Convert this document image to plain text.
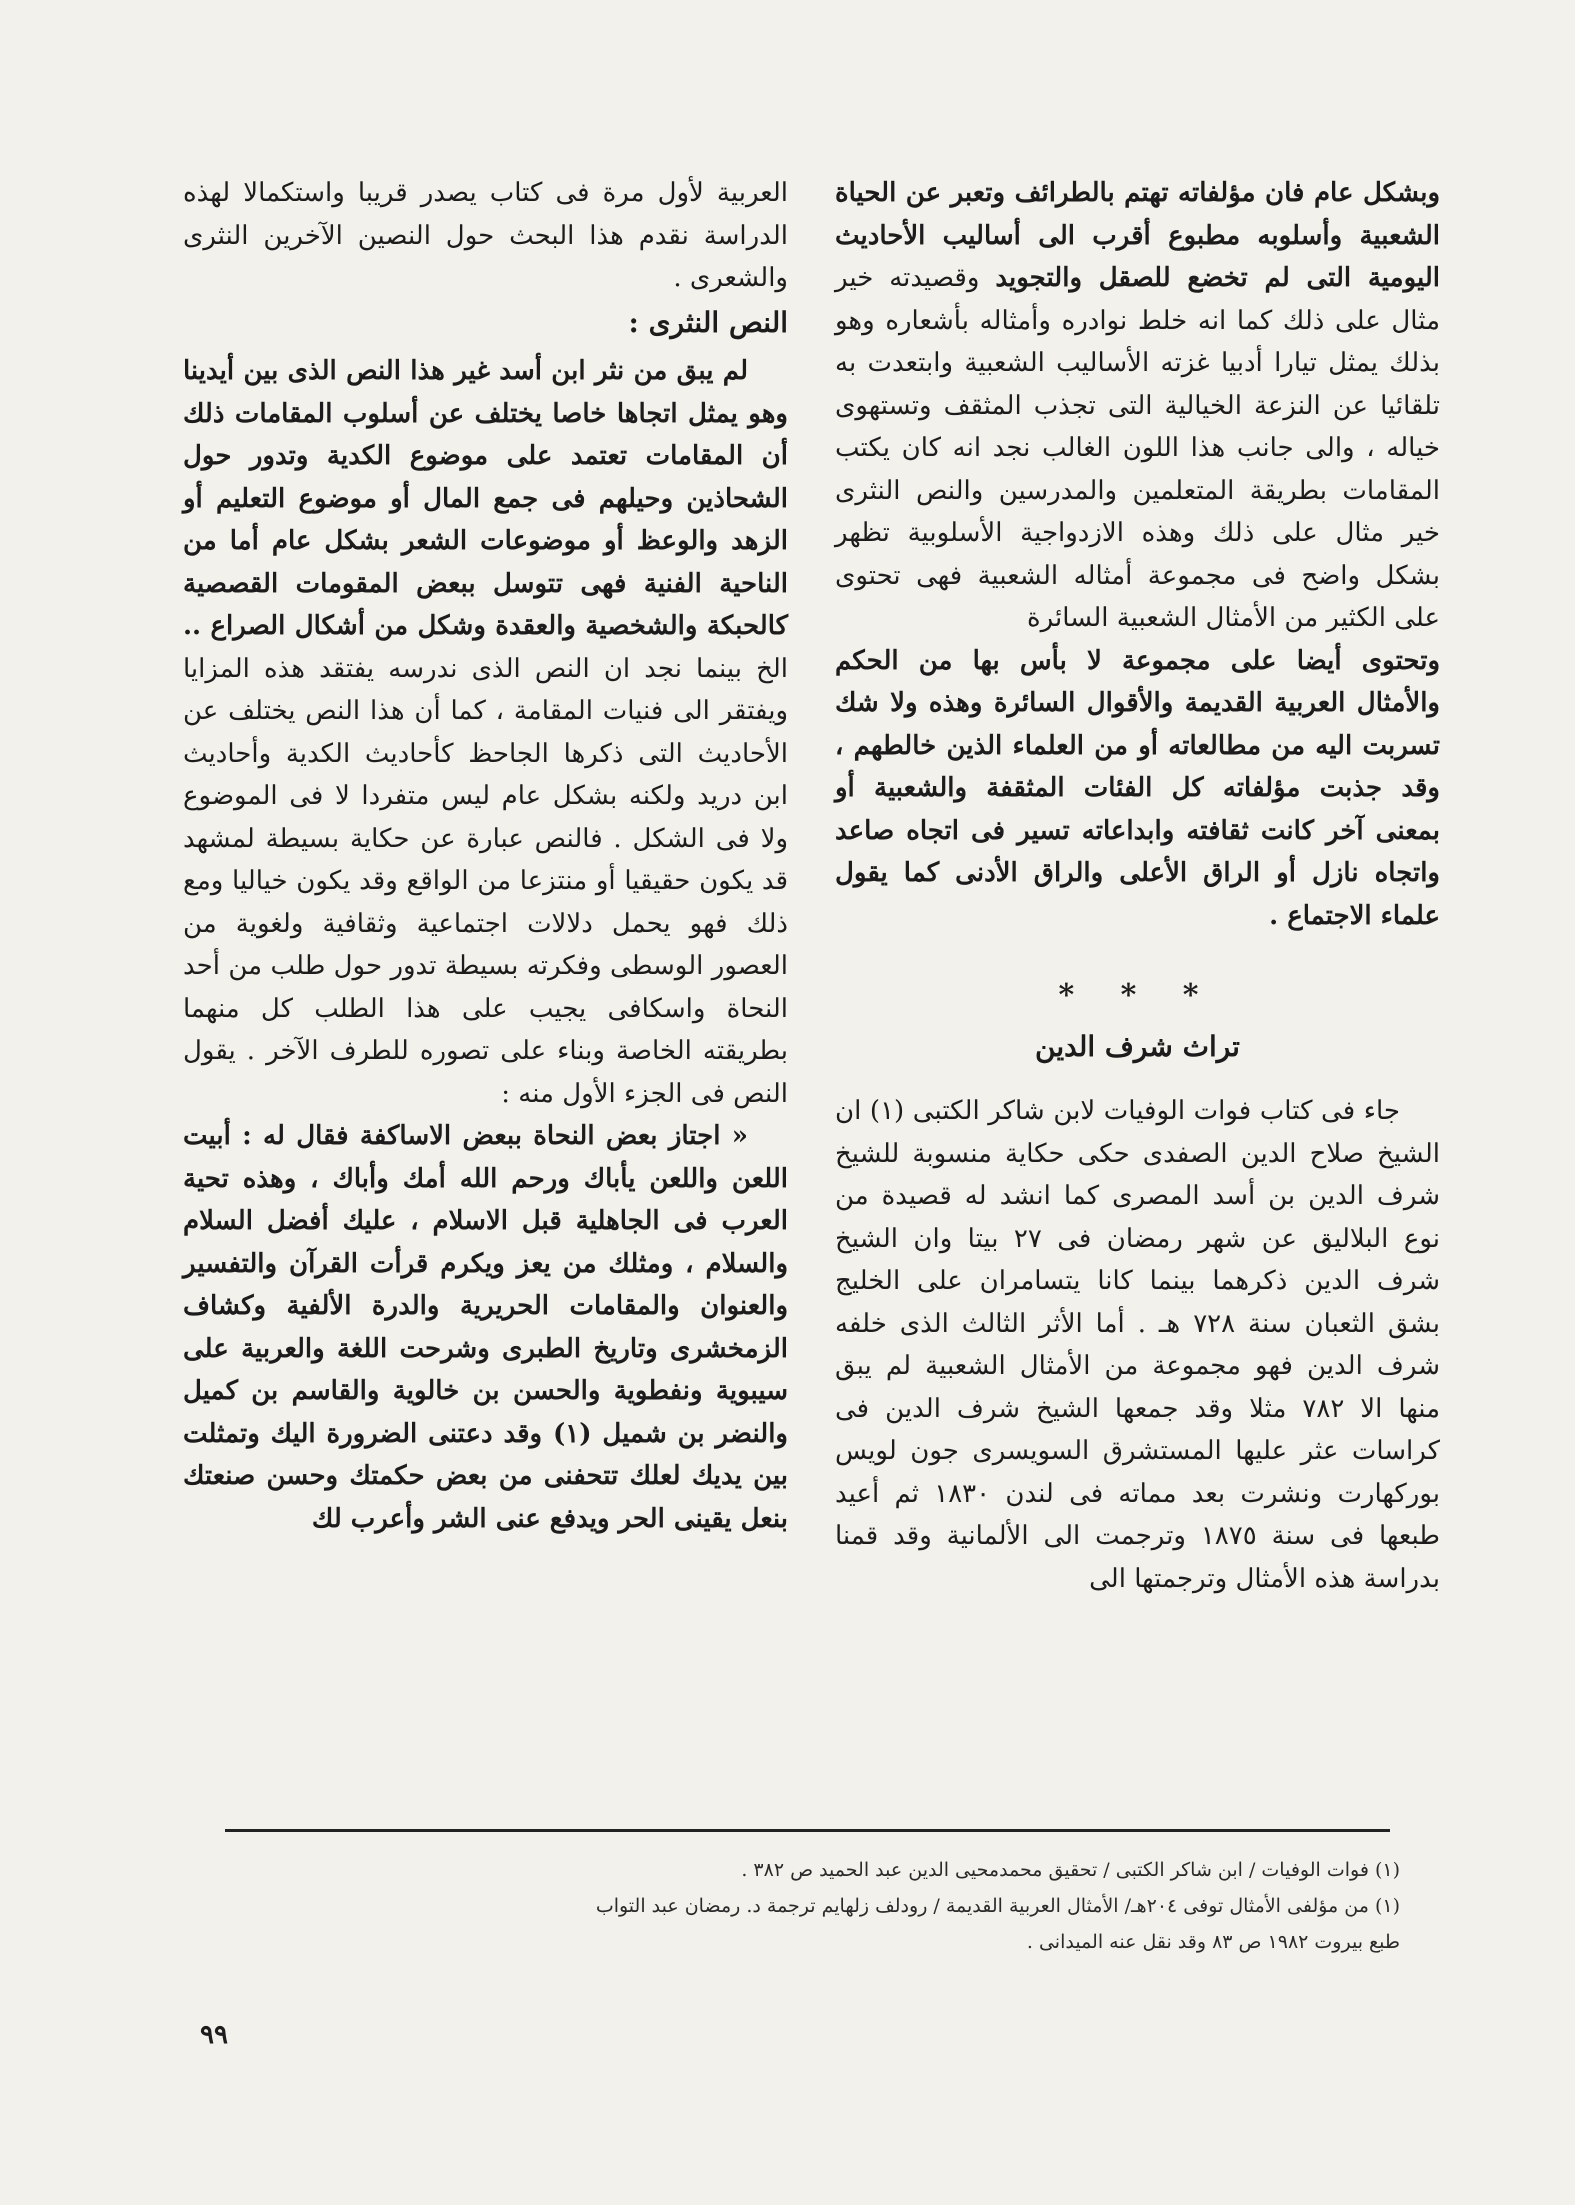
وبشكل عام فان مؤلفاته تهتم بالطرائف وتعبر عن الحياة الشعبية وأسلوبه مطبوع أقرب الى أساليب الأحاديث اليومية التى لم تخضع للصقل والتجويد وقصيدته خير مثال على ذلك كما انه خلط نوادره وأمثاله بأشعاره وهو بذلك يمثل تيارا أدبيا غزته الأساليب الشعبية وابتعدت به تلقائيا عن النزعة الخيالية التى تجذب المثقف وتستهوى خياله ، والى جانب هذا اللون الغالب نجد انه كان يكتب المقامات بطريقة المتعلمين والمدرسين والنص النثرى خير مثال على ذلك وهذه الازدواجية الأسلوبية تظهر بشكل واضح فى مجموعة أمثاله الشعبية فهى تحتوى على الكثير من الأمثال الشعبية السائرة

وتحتوى أيضا على مجموعة لا بأس بها من الحكم والأمثال العربية القديمة والأقوال السائرة وهذه ولا شك تسربت اليه من مطالعاته أو من العلماء الذين خالطهم ، وقد جذبت مؤلفاته كل الفئات المثقفة والشعبية أو بمعنى آخر كانت ثقافته وابداعاته تسير فى اتجاه صاعد واتجاه نازل أو الراق الأعلى والراق الأدنى كما يقول علماء الاجتماع .

* * *
تراث شرف الدين

جاء فى كتاب فوات الوفيات لابن شاكر الكتبى (١) ان الشيخ صلاح الدين الصفدى حكى حكاية منسوبة للشيخ شرف الدين بن أسد المصرى كما انشد له قصيدة من نوع البلاليق عن شهر رمضان فى ٢٧ بيتا وان الشيخ شرف الدين ذكرهما بينما كانا يتسامران على الخليج بشق الثعبان سنة ٧٢٨ هـ . أما الأثر الثالث الذى خلفه شرف الدين فهو مجموعة من الأمثال الشعبية لم يبق منها الا ٧٨٢ مثلا وقد جمعها الشيخ شرف الدين فى كراسات عثر عليها المستشرق السويسرى جون لويس بوركهارت ونشرت بعد مماته فى لندن ١٨٣٠ ثم أعيد طبعها فى سنة ١٨٧٥ وترجمت الى الألمانية وقد قمنا بدراسة هذه الأمثال وترجمتها الى

العربية لأول مرة فى كتاب يصدر قريبا واستكمالا لهذه الدراسة نقدم هذا البحث حول النصين الآخرين النثرى والشعرى .

النص النثرى :

لم يبق من نثر ابن أسد غير هذا النص الذى بين أيدينا وهو يمثل اتجاها خاصا يختلف عن أسلوب المقامات ذلك أن المقامات تعتمد على موضوع الكدية وتدور حول الشحاذين وحيلهم فى جمع المال أو موضوع التعليم أو الزهد والوعظ أو موضوعات الشعر بشكل عام أما من الناحية الفنية فهى تتوسل ببعض المقومات القصصية كالحبكة والشخصية والعقدة وشكل من أشكال الصراع .. الخ بينما نجد ان النص الذى ندرسه يفتقد هذه المزايا ويفتقر الى فنيات المقامة ، كما أن هذا النص يختلف عن الأحاديث التى ذكرها الجاحظ كأحاديث الكدية وأحاديث ابن دريد ولكنه بشكل عام ليس متفردا لا فى الموضوع ولا فى الشكل . فالنص عبارة عن حكاية بسيطة لمشهد قد يكون حقيقيا أو منتزعا من الواقع وقد يكون خياليا ومع ذلك فهو يحمل دلالات اجتماعية وثقافية ولغوية من العصور الوسطى وفكرته بسيطة تدور حول طلب من أحد النحاة واسكافى يجيب على هذا الطلب كل منهما بطريقته الخاصة وبناء على تصوره للطرف الآخر . يقول النص فى الجزء الأول منه :

« اجتاز بعض النحاة ببعض الاساكفة فقال له : أبيت اللعن واللعن يأباك ورحم الله أمك وأباك ، وهذه تحية العرب فى الجاهلية قبل الاسلام ، عليك أفضل السلام والسلام ، ومثلك من يعز ويكرم قرأت القرآن والتفسير والعنوان والمقامات الحريرية والدرة الألفية وكشاف الزمخشرى وتاريخ الطبرى وشرحت اللغة والعربية على سيبوية ونفطوية والحسن بن خالوية والقاسم بن كميل والنضر بن شميل (١) وقد دعتنى الضرورة اليك وتمثلت بين يديك لعلك تتحفنى من بعض حكمتك وحسن صنعتك بنعل يقينى الحر ويدفع عنى الشر وأعرب لك

(١) فوات الوفيات / ابن شاكر الكتبى / تحقيق محمدمحيى الدين عبد الحميد ص ٣٨٢ .

(١) من مؤلفى الأمثال توفى ٢٠٤هـ/ الأمثال العربية القديمة / رودلف زلهايم ترجمة د. رمضان عبد التواب

طبع بيروت ١٩٨٢ ص ٨٣ وقد نقل عنه الميدانى .

٩٩
